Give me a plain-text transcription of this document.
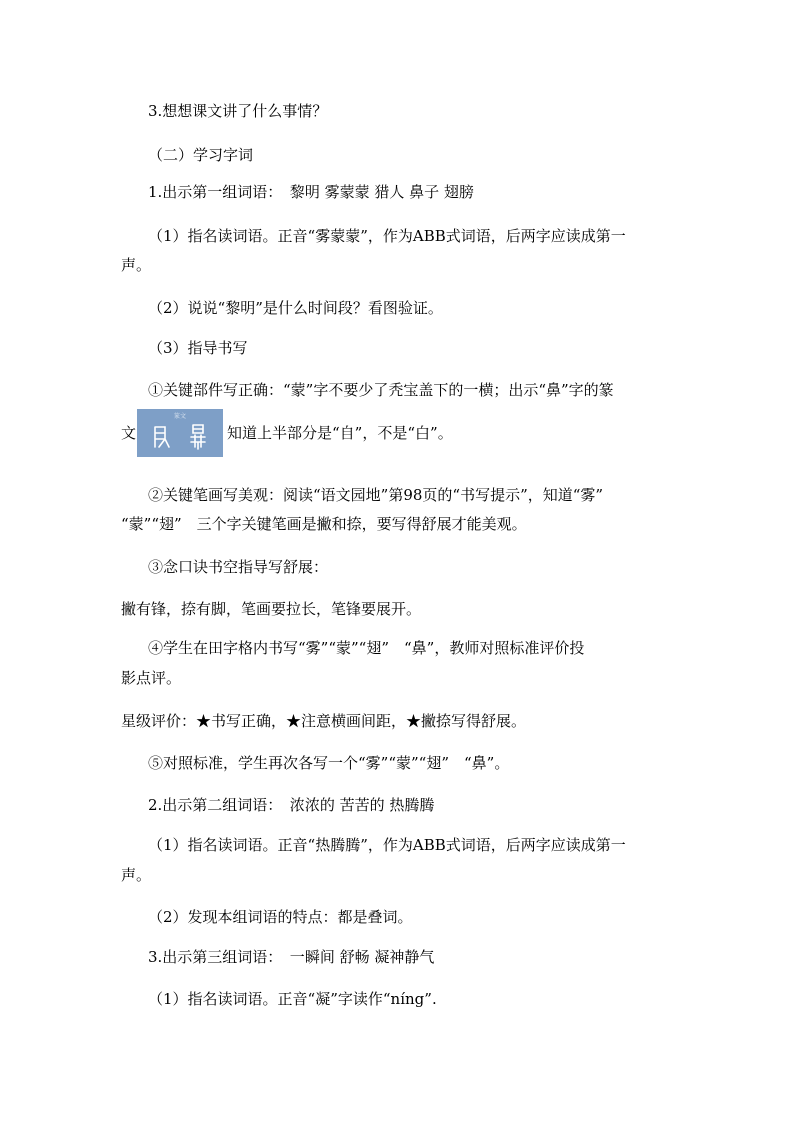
3.想想课文讲了什么事情？
（二）学习字词
1.出示第一组词语：　黎明 雾蒙蒙 猎人 鼻子 翅膀
（1）指名读词语。正音“雾蒙蒙”，作为ABB式词语，后两字应读成第一
声。
（2）说说“黎明”是什么时间段？看图验证。
（3）指导书写
①关键部件写正确：“蒙”字不要少了秃宝盖下的一横；出示“鼻”字的篆
文
篆文
知道上半部分是“自”，不是“白”。
②关键笔画写美观：阅读“语文园地”第98页的“书写提示”，知道“雾”
“蒙”“翅”　三个字关键笔画是撇和捺，要写得舒展才能美观。
③念口诀书空指导写舒展：
撇有锋，捺有脚，笔画要拉长，笔锋要展开。
④学生在田字格内书写“雾”“蒙”“翅”　“鼻”，教师对照标准评价投
影点评。
星级评价：★书写正确，★注意横画间距，★撇捺写得舒展。
⑤对照标准，学生再次各写一个“雾”“蒙”“翅”　“鼻”。
2.出示第二组词语：　浓浓的 苦苦的 热腾腾
（1）指名读词语。正音“热腾腾”，作为ABB式词语，后两字应读成第一
声。
（2）发现本组词语的特点：都是叠词。
3.出示第三组词语：　一瞬间 舒畅 凝神静气
（1）指名读词语。正音“凝”字读作“níng”.
